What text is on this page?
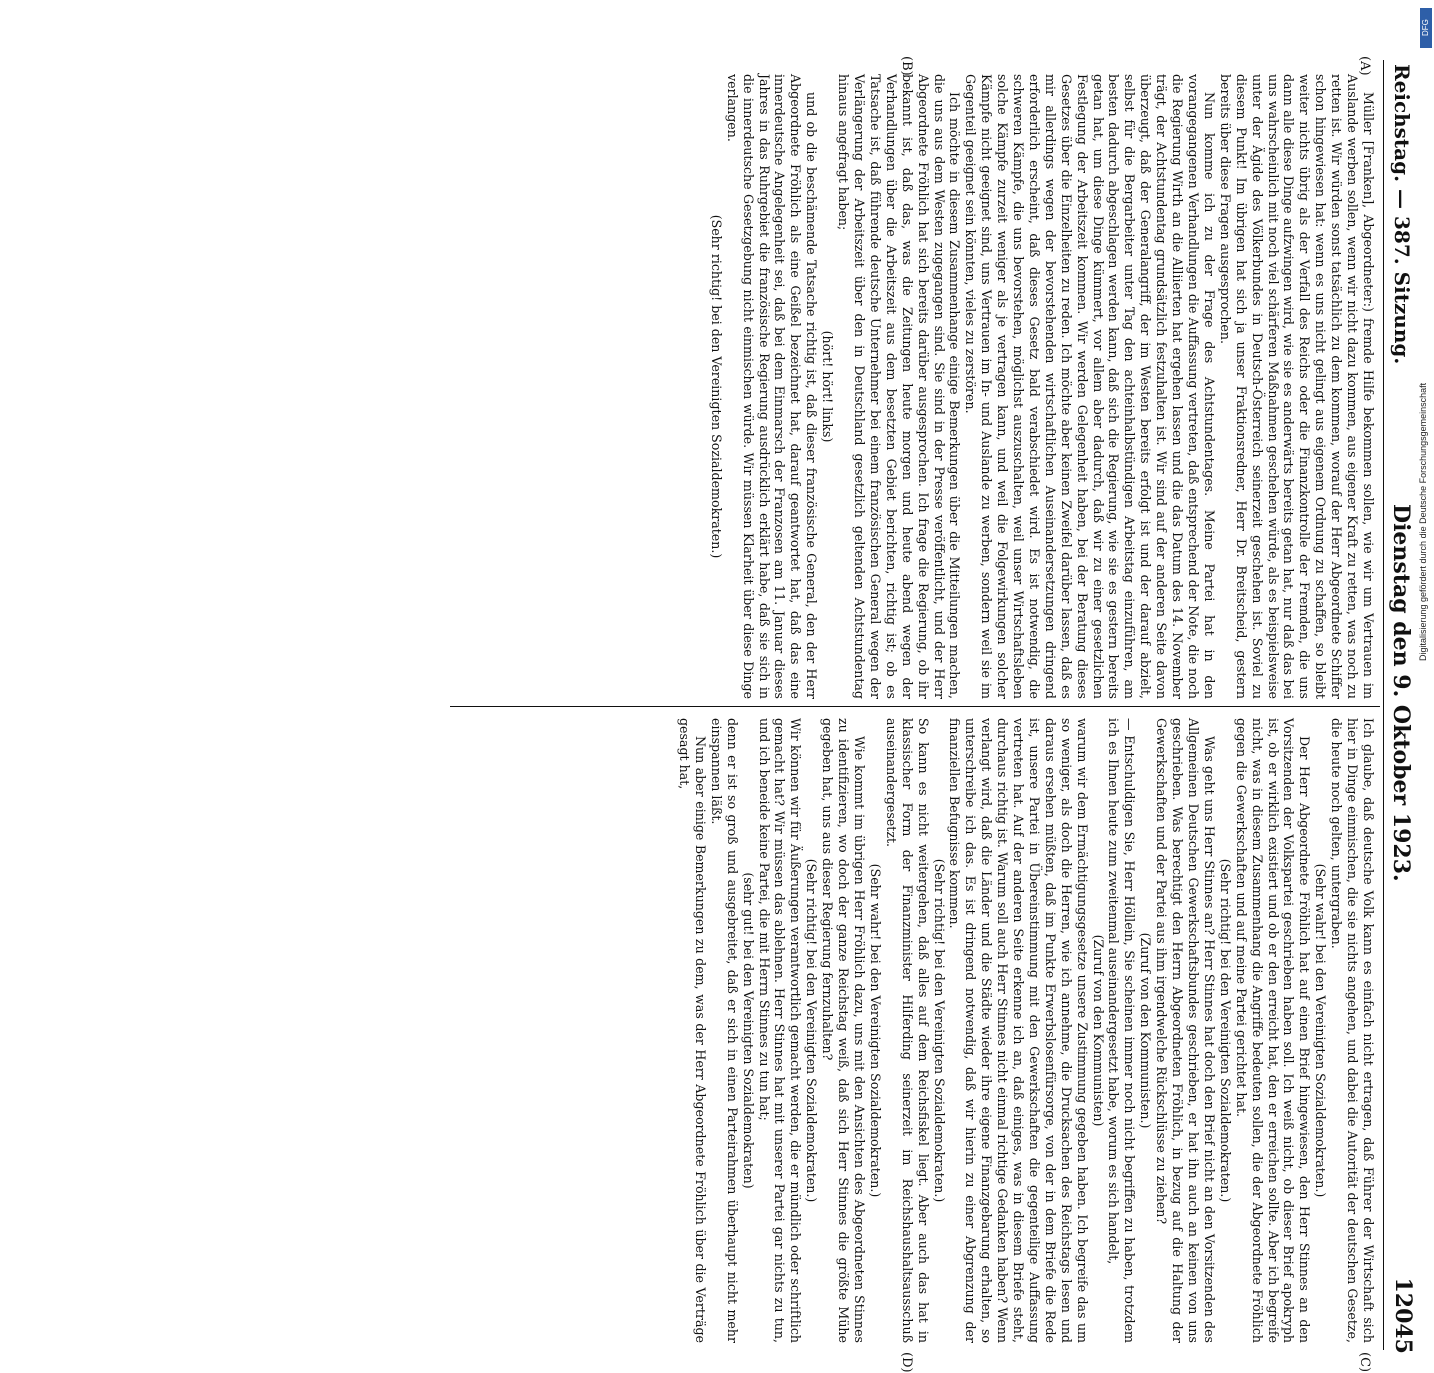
Reichstag. — 387. Sitzung.
Dienstag den 9. Oktober 1923.
12045
(A)
(B)
(C)
(D)

Müller [Franken], Abgeordneter:) fremde Hilfe bekommen sollen, wie wir um Vertrauen im Auslande werben sollen, wenn wir nicht dazu kommen, aus eigener Kraft zu retten, was noch zu retten ist. Wir würden sonst tatsächlich zu dem kommen, worauf der Herr Abgeordnete Schiffer schon hingewiesen hat: wenn es uns nicht gelingt aus eigenem Ordnung zu schaffen, so bleibt weiter nichts übrig als der Verfall des Reichs oder die Finanzkontrolle der Fremden, die uns dann alle diese Dinge aufzwingen wird, wie sie es anderwärts bereits getan hat, nur daß das bei uns wahrscheinlich mit noch viel schärferen Maßnahmen geschehen würde, als es beispielsweise unter der Ägide des Völkerbundes in Deutsch-Österreich seinerzeit geschehen ist. Soviel zu diesem Punkt! Im übrigen hat sich ja unser Fraktionsredner, Herr Dr. Breitscheid, gestern bereits über diese Fragen ausgesprochen.

Nun komme ich zu der Frage des Achtstundentages. Meine Partei hat in den vorangegangenen Verhandlungen die Auffassung vertreten, daß entsprechend der Note, die noch die Regierung Wirth an die Alliierten hat ergehen lassen und die das Datum des 14. November trägt, der Achtstundentag grundsätzlich festzuhalten ist. Wir sind auf der anderen Seite davon überzeugt, daß der Generalangriff, der im Westen bereits erfolgt ist und der darauf abzielt, selbst für die Bergarbeiter unter Tag den achteinhalbstündigen Arbeitstag einzuführen, am besten dadurch abgeschlagen werden kann, daß sich die Regierung, wie sie es gestern bereits getan hat, um diese Dinge kümmert, vor allem aber dadurch, daß wir zu einer gesetzlichen Festlegung der Arbeitszeit kommen. Wir werden Gelegenheit haben, bei der Beratung dieses Gesetzes über die Einzelheiten zu reden. Ich möchte aber keinen Zweifel darüber lassen, daß es mir allerdings wegen der bevorstehenden wirtschaftlichen Auseinandersetzungen dringend erforderlich erscheint, daß dieses Gesetz bald verabschiedet wird. Es ist notwendig, die schweren Kämpfe, die uns bevorstehen, möglichst auszuschalten, weil unser Wirtschaftsleben solche Kämpfe zurzeit weniger als je vertragen kann, und weil die Folgewirkungen solcher Kämpfe nicht geeignet sind, uns Vertrauen im In- und Auslande zu werben, sondern weil sie im Gegenteil geeignet sein könnten, vieles zu zerstören.

Ich möchte in diesem Zusammenhange einige Bemerkungen über die Mitteilungen machen, die uns aus dem Westen zugegangen sind. Sie sind in der Presse veröffentlicht, und der Herr Abgeordnete Fröhlich hat sich bereits darüber ausgesprochen. Ich frage die Regierung, ob ihr bekannt ist, daß das, was die Zeitungen heute morgen und heute abend wegen der Verhandlungen über die Arbeitszeit aus dem besetzten Gebiet berichten, richtig ist; ob es Tatsache ist, daß führende deutsche Unternehmer bei einem französischen General wegen der Verlängerung der Arbeitszeit über den in Deutschland gesetzlich geltenden Achtstundentag hinaus angefragt haben;

(hört! hört! links)

und ob die beschämende Tatsache richtig ist, daß dieser französische General, den der Herr Abgeordnete Fröhlich als eine Geißel bezeichnet hat, darauf geantwortet hat, daß das eine innerdeutsche Angelegenheit sei, daß bei dem Einmarsch der Franzosen am 11. Januar dieses Jahres in das Ruhrgebiet die französische Regierung ausdrücklich erklärt habe, daß sie sich in die innerdeutsche Gesetzgebung nicht einmischen würde. Wir müssen Klarheit über diese Dinge verlangen.

(Sehr richtig! bei den Vereinigten Sozialdemokraten.)

Ich glaube, daß deutsche Volk kann es einfach nicht ertragen, daß Führer der Wirtschaft sich hier in Dinge einmischen, die sie nichts angehen, und dabei die Autorität der deutschen Gesetze, die heute noch gelten, untergraben.

(Sehr wahr! bei den Vereinigten Sozialdemokraten.)

Der Herr Abgeordnete Fröhlich hat auf einen Brief hingewiesen, den Herr Stinnes an den Vorsitzenden der Volkspartei geschrieben haben soll. Ich weiß nicht, ob dieser Brief apokryph ist, ob er wirklich existiert und ob er den erreicht hat, den er erreichen sollte. Aber ich begreife nicht, was in diesem Zusammenhang die Angriffe bedeuten sollen, die der Abgeordnete Fröhlich gegen die Gewerkschaften und auf meine Partei gerichtet hat.

(Sehr richtig! bei den Vereinigten Sozialdemokraten.)

Was geht uns Herr Stinnes an? Herr Stinnes hat doch den Brief nicht an den Vorsitzenden des Allgemeinen Deutschen Gewerkschaftsbundes geschrieben, er hat ihn auch an keinen von uns geschrieben. Was berechtigt den Herrn Abgeordneten Fröhlich, in bezug auf die Haltung der Gewerkschaften und der Partei aus ihm irgendwelche Rückschlüsse zu ziehen?

(Zuruf von den Kommunisten.)

— Entschuldigen Sie, Herr Höllein, Sie scheinen immer noch nicht begriffen zu haben, trotzdem ich es Ihnen heute zum zweitenmal auseinandergesetzt habe, worum es sich handelt,

(Zuruf von den Kommunisten)

warum wir dem Ermächtigungsgesetze unsere Zustimmung gegeben haben. Ich begreife das um so weniger, als doch die Herren, wie ich annehme, die Drucksachen des Reichstags lesen und daraus ersehen müßten, daß im Punkte Erwerbslosenfürsorge, von der in dem Briefe die Rede ist, unsere Partei in Übereinstimmung mit den Gewerkschaften die gegenteilige Auffassung vertreten hat. Auf der anderen Seite erkenne ich an, daß einiges, was in diesem Briefe steht, durchaus richtig ist. Warum soll auch Herr Stinnes nicht einmal richtige Gedanken haben? Wenn verlangt wird, daß die Länder und die Städte wieder ihre eigene Finanzgebarung erhalten, so unterschreibe ich das. Es ist dringend notwendig, daß wir hierin zu einer Abgrenzung der finanziellen Befugnisse kommen.

(Sehr richtig! bei den Vereinigten Sozialdemokraten.)

So kann es nicht weitergehen, daß alles auf dem Reichsfiskel liegt. Aber auch das hat in klassischer Form der Finanzminister Hilferding seinerzeit im Reichshaushaltsausschuß auseinandergesetzt.

(Sehr wahr! bei den Vereinigten Sozialdemokraten.)

Wie kommt im übrigen Herr Fröhlich dazu, uns mit den Ansichten des Abgeordneten Stinnes zu identifizieren, wo doch der ganze Reichstag weiß, daß sich Herr Stinnes die größte Mühe gegeben hat, uns aus dieser Regierung fernzuhalten?

(Sehr richtig! bei den Vereinigten Sozialdemokraten.)

Wir können wir für Äußerungen verantwortlich gemacht werden, die er mündlich oder schriftlich gemacht hat? Wir müssen das ablehnen. Herr Stinnes hat mit unserer Partei gar nichts zu tun, und ich beneide keine Partei, die mit Herrn Stinnes zu tun hat;

(sehr gut! bei den Vereinigten Sozialdemokraten)

denn er ist so groß und ausgebreitet, daß er sich in einen Parteirahmen überhaupt nicht mehr einspannen läßt.

Nun aber einige Bemerkungen zu dem, was der Herr Abgeordnete Fröhlich über die Verträge gesagt hat,

DFG
Digitalisierung gefördert durch die Deutsche Forschungsgemeinschaft
